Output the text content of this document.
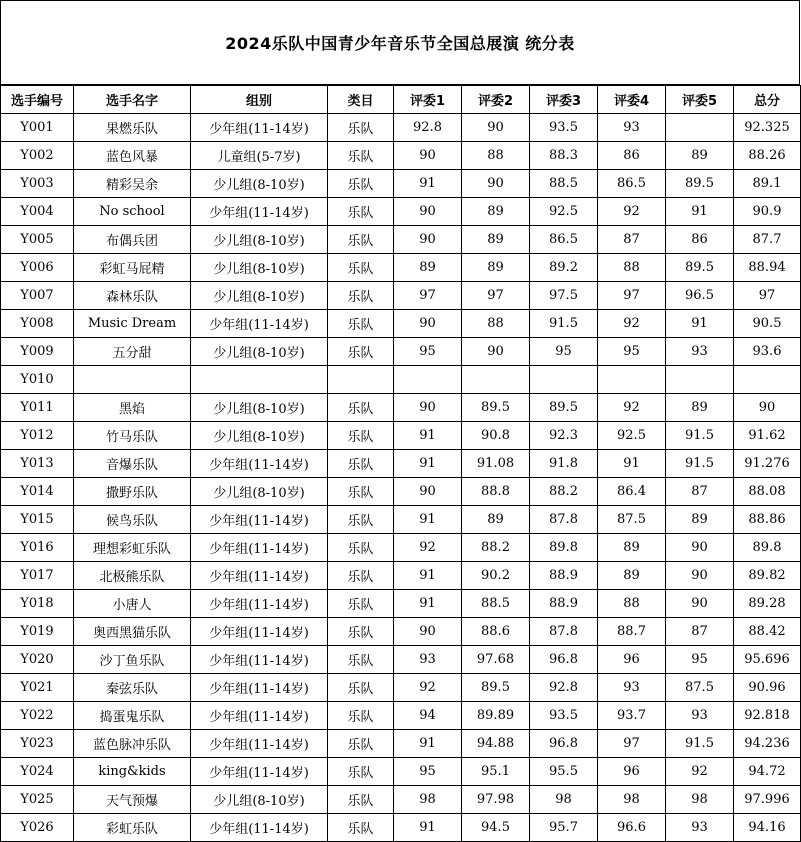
2024乐队中国青少年音乐节全国总展演 统分表
选手编号	选手名字	组别	类目	评委1	评委2	评委3	评委4	评委5	总分
Y001	果燃乐队	少年组(11-14岁)	乐队	92.8	90	93.5	93		92.325
Y002	蓝色风暴	儿童组(5-7岁)	乐队	90	88	88.3	86	89	88.26
Y003	精彩吴余	少儿组(8-10岁)	乐队	91	90	88.5	86.5	89.5	89.1
Y004	No school	少年组(11-14岁)	乐队	90	89	92.5	92	91	90.9
Y005	布偶兵团	少儿组(8-10岁)	乐队	90	89	86.5	87	86	87.7
Y006	彩虹马屁精	少儿组(8-10岁)	乐队	89	89	89.2	88	89.5	88.94
Y007	森林乐队	少儿组(8-10岁)	乐队	97	97	97.5	97	96.5	97
Y008	Music Dream	少年组(11-14岁)	乐队	90	88	91.5	92	91	90.5
Y009	五分甜	少儿组(8-10岁)	乐队	95	90	95	95	93	93.6
Y010									
Y011	黑焰	少儿组(8-10岁)	乐队	90	89.5	89.5	92	89	90
Y012	竹马乐队	少儿组(8-10岁)	乐队	91	90.8	92.3	92.5	91.5	91.62
Y013	音爆乐队	少年组(11-14岁)	乐队	91	91.08	91.8	91	91.5	91.276
Y014	撒野乐队	少儿组(8-10岁)	乐队	90	88.8	88.2	86.4	87	88.08
Y015	候鸟乐队	少年组(11-14岁)	乐队	91	89	87.8	87.5	89	88.86
Y016	理想彩虹乐队	少年组(11-14岁)	乐队	92	88.2	89.8	89	90	89.8
Y017	北极熊乐队	少年组(11-14岁)	乐队	91	90.2	88.9	89	90	89.82
Y018	小唐人	少年组(11-14岁)	乐队	91	88.5	88.9	88	90	89.28
Y019	奥西黑猫乐队	少年组(11-14岁)	乐队	90	88.6	87.8	88.7	87	88.42
Y020	沙丁鱼乐队	少年组(11-14岁)	乐队	93	97.68	96.8	96	95	95.696
Y021	秦弦乐队	少年组(11-14岁)	乐队	92	89.5	92.8	93	87.5	90.96
Y022	捣蛋鬼乐队	少年组(11-14岁)	乐队	94	89.89	93.5	93.7	93	92.818
Y023	蓝色脉冲乐队	少年组(11-14岁)	乐队	91	94.88	96.8	97	91.5	94.236
Y024	king&kids	少年组(11-14岁)	乐队	95	95.1	95.5	96	92	94.72
Y025	天气预爆	少儿组(8-10岁)	乐队	98	97.98	98	98	98	97.996
Y026	彩虹乐队	少年组(11-14岁)	乐队	91	94.5	95.7	96.6	93	94.16
